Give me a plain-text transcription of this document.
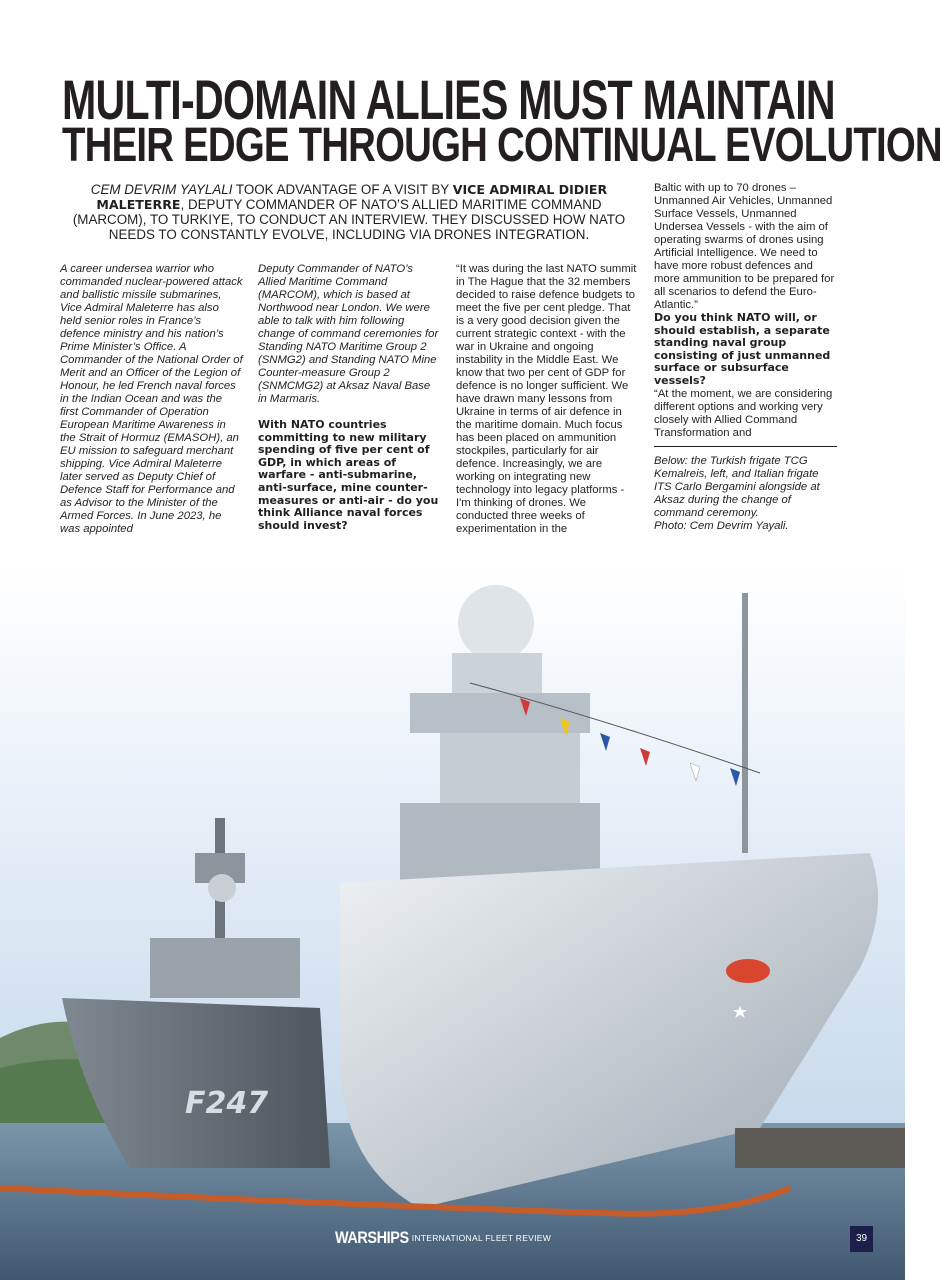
MULTI-DOMAIN ALLIES MUST MAINTAIN
THEIR EDGE THROUGH CONTINUAL EVOLUTION
CEM DEVRIM YAYLALI TOOK ADVANTAGE OF A VISIT BY VICE ADMIRAL DIDIER MALETERRE, DEPUTY COMMANDER OF NATO’S ALLIED MARITIME COMMAND (MARCOM), TO TURKIYE, TO CONDUCT AN INTERVIEW. THEY DISCUSSED HOW NATO NEEDS TO CONSTANTLY EVOLVE, INCLUDING VIA DRONES INTEGRATION.

A career undersea warrior who commanded nuclear-powered attack and ballistic missile submarines, Vice Admiral Maleterre has also held senior roles in France’s defence ministry and his nation’s Prime Minister’s Office. A Commander of the National Order of Merit and an Officer of the Legion of Honour, he led French naval forces in the Indian Ocean and was the first Commander of Operation European Maritime Awareness in the Strait of Hormuz (EMASOH), an EU mission to safeguard merchant shipping. Vice Admiral Maleterre later served as Deputy Chief of Defence Staff for Performance and as Advisor to the Minister of the Armed Forces. In June 2023, he was appointed

Deputy Commander of NATO’s Allied Maritime Command (MARCOM), which is based at Northwood near London. We were able to talk with him following change of command ceremonies for Standing NATO Maritime Group 2 (SNMG2) and Standing NATO Mine Counter-measure Group 2 (SNMCMG2) at Aksaz Naval Base in Marmaris.

With NATO countries committing to new military spending of five per cent of GDP, in which areas of warfare - anti-submarine, anti-surface, mine counter-measures or anti-air - do you think Alliance naval forces should invest?

“It was during the last NATO summit in The Hague that the 32 members decided to raise defence budgets to meet the five per cent pledge. That is a very good decision given the current strategic context - with the war in Ukraine and ongoing instability in the Middle East. We know that two per cent of GDP for defence is no longer sufficient. We have drawn many lessons from Ukraine in terms of air defence in the maritime domain. Much focus has been placed on ammunition stockpiles, particularly for air defence. Increasingly, we are working on integrating new technology into legacy platforms - I'm thinking of drones. We conducted three weeks of experimentation in the

Baltic with up to 70 drones – Unmanned Air Vehicles, Unmanned Surface Vessels, Unmanned Undersea Vessels - with the aim of operating swarms of drones using Artificial Intelligence. We need to have more robust defences and more ammunition to be prepared for all scenarios to defend the Euro-Atlantic.”

Do you think NATO will, or should establish, a separate standing naval group consisting of just unmanned surface or subsurface vessels?

“At the moment, we are considering different options and working very closely with Allied Command Transformation and

Below: the Turkish frigate TCG Kemalreis, left, and Italian frigate ITS Carlo Bergamini alongside at Aksaz during the change of command ceremony.
Photo: Cem Devrim Yayali.

F247
WARSHIPS $^{INTERNATIONAL FLEET REVIEW}$	39
